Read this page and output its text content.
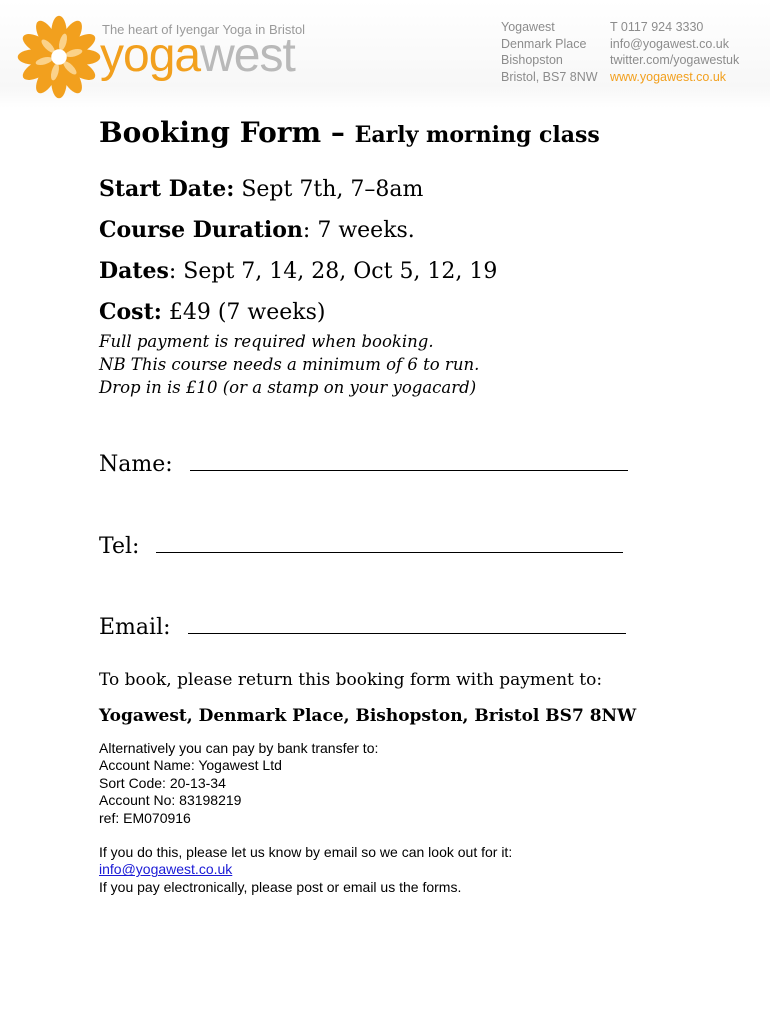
The heart of Iyengar Yoga in Bristol
yogawest
Yogawest
Denmark Place
Bishopston
Bristol, BS7 8NW
T 0117 924 3330
info@yogawest.co.uk
twitter.com/yogawestuk
www.yogawest.co.uk
Booking Form – Early morning class
Start Date: Sept 7th, 7–8am
Course Duration: 7 weeks.
Dates: Sept 7, 14, 28, Oct 5, 12, 19
Cost: £49 (7 weeks)
Full payment is required when booking.
NB This course needs a minimum of 6 to run.
Drop in is £10 (or a stamp on your yogacard)
Name:
Tel:
Email:
To book, please return this booking form with payment to:
Yogawest, Denmark Place, Bishopston, Bristol BS7 8NW

Alternatively you can pay by bank transfer to:

Account Name: Yogawest Ltd

Sort Code: 20-13-34

Account No: 83198219

ref: EM070916

If you do this, please let us know by email so we can look out for it:

info@yogawest.co.uk

If you pay electronically, please post or email us the forms.
